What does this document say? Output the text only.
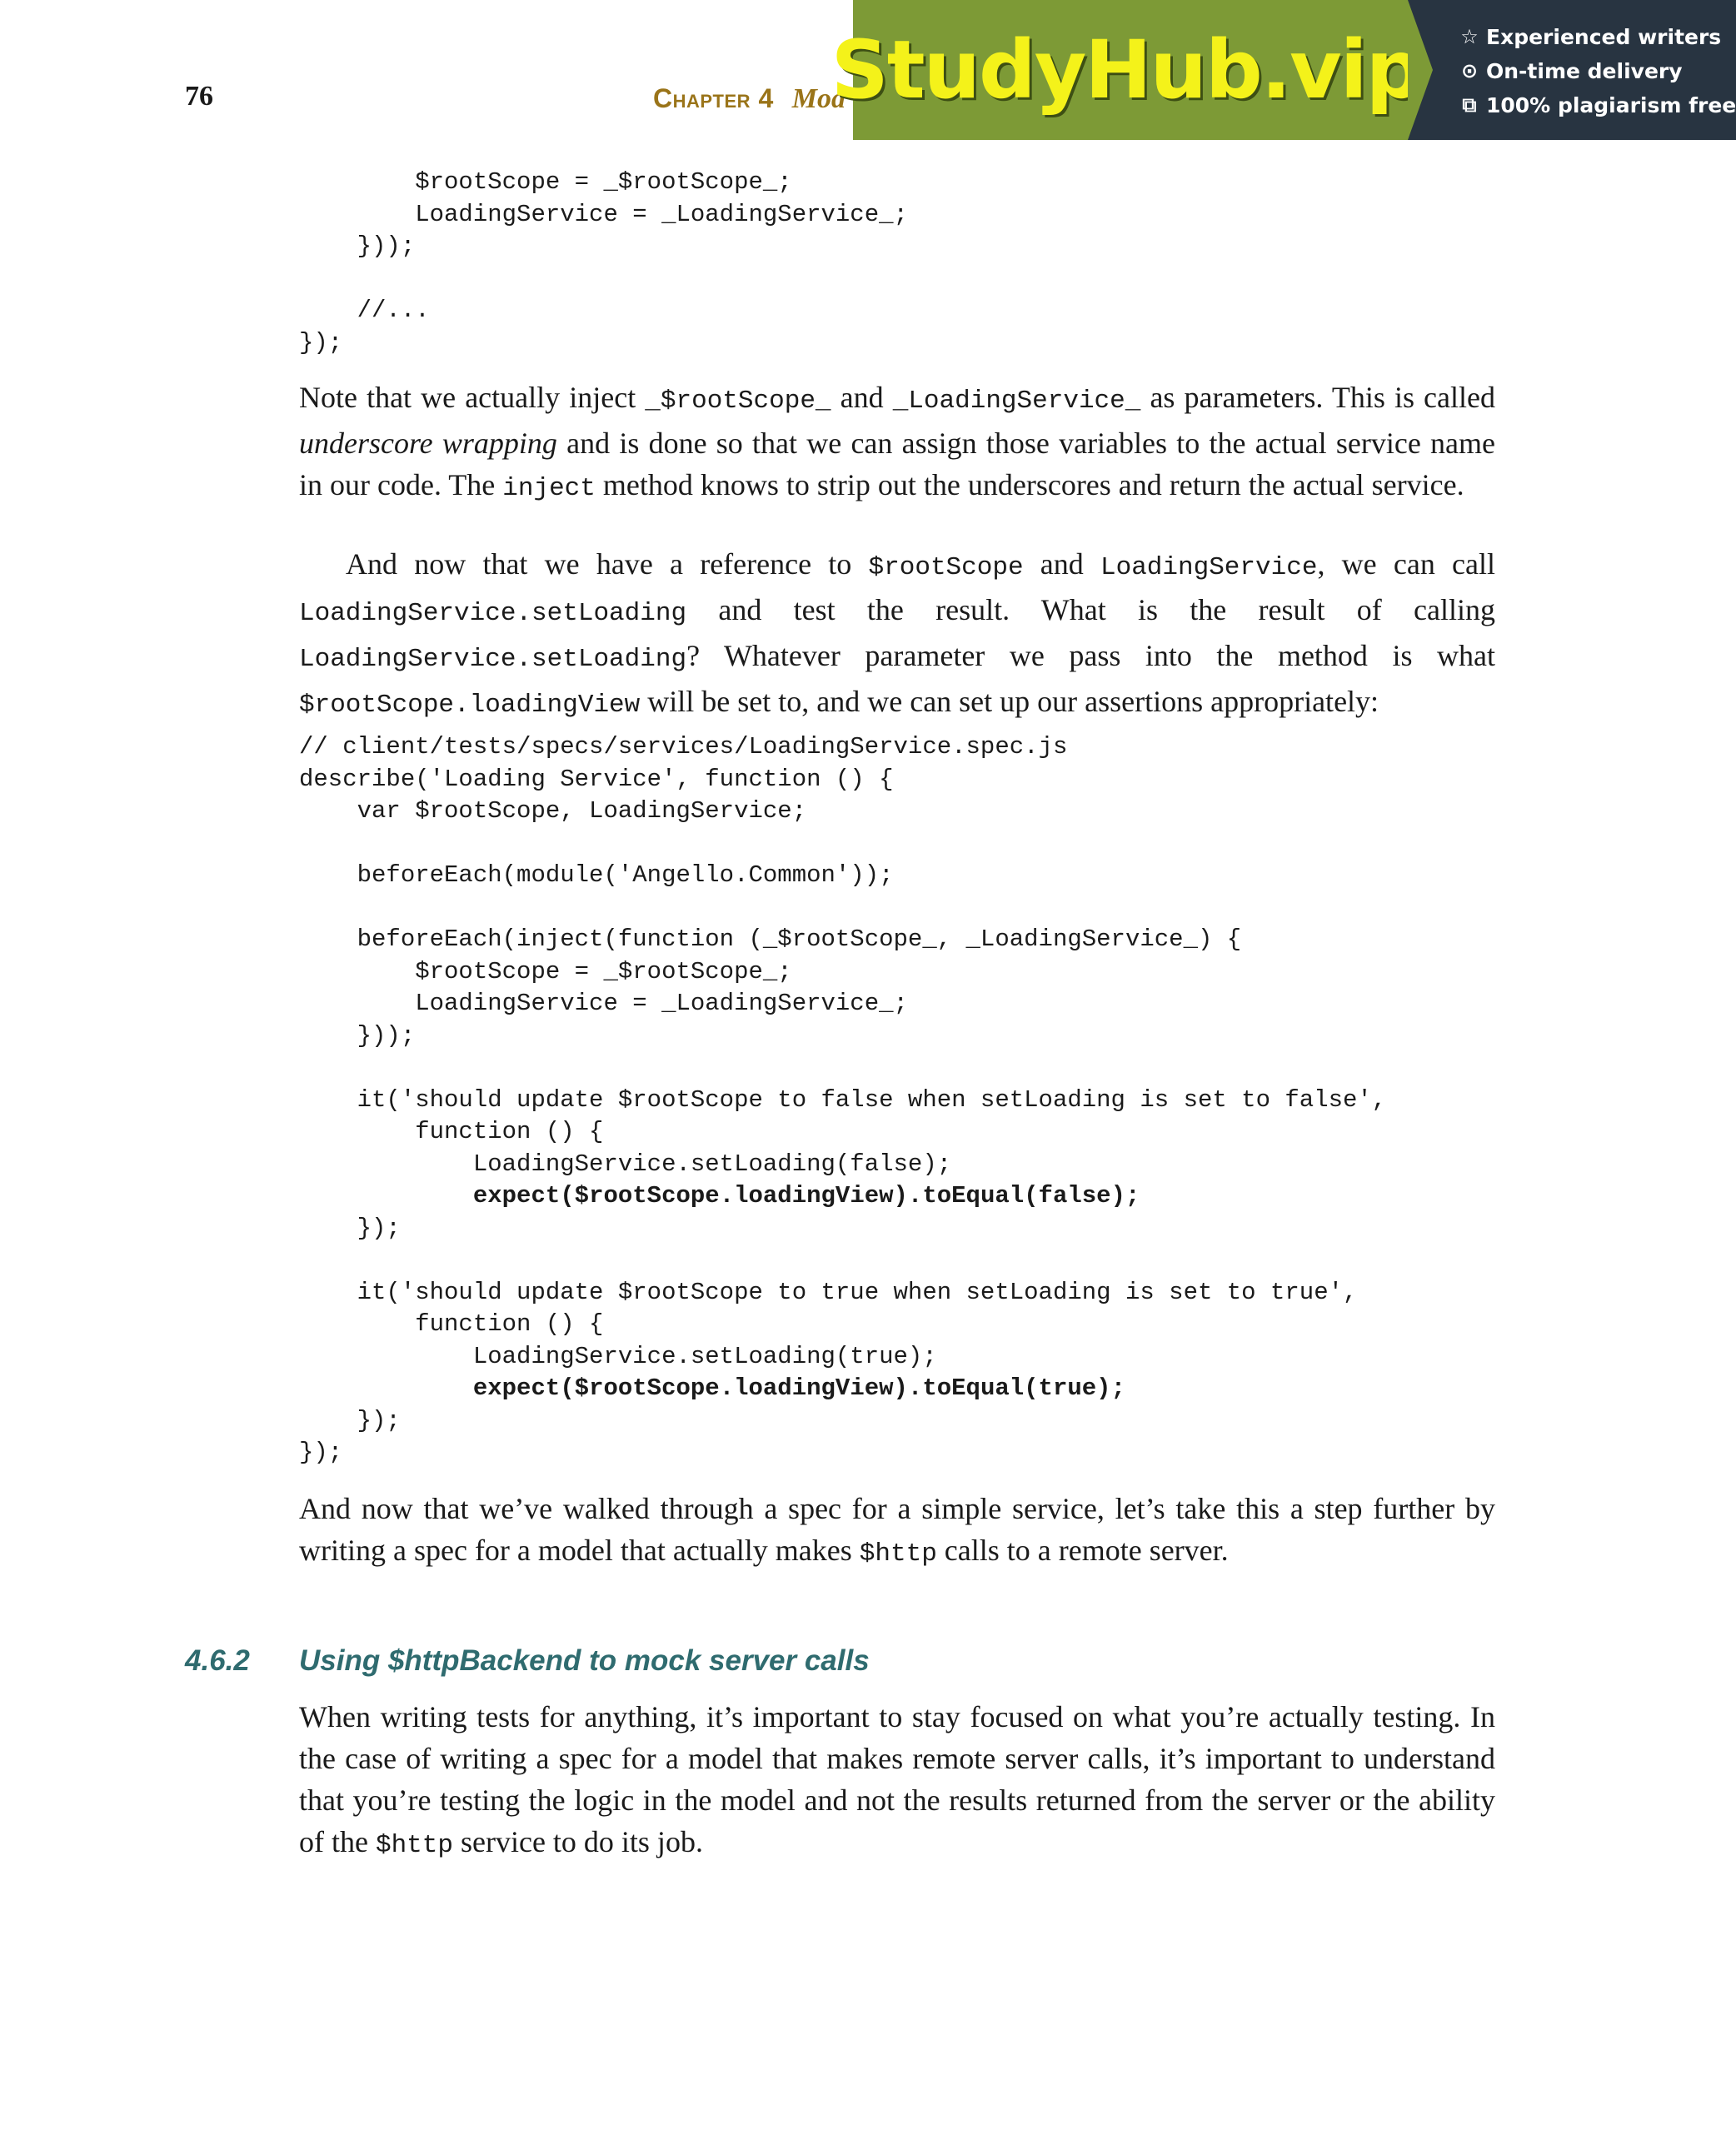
76	Chapter 4 Mod
StudyHub.vip ☆ Experienced writers
⊙ On-time delivery
⧉ 100% plagiarism free
$rootScope = _$rootScope_;
LoadingService = _LoadingService_;
}));

//...
});

Note that we actually inject _$rootScope_ and _LoadingService_ as parameters. This is called underscore wrapping and is done so that we can assign those variables to the actual service name in our code. The inject method knows to strip out the underscores and return the actual service.

And now that we have a reference to $rootScope and LoadingService, we can call LoadingService.setLoading and test the result. What is the result of calling LoadingService.setLoading? Whatever parameter we pass into the method is what $rootScope.loadingView will be set to, and we can set up our assertions appropriately:

// client/tests/specs/services/LoadingService.spec.js
describe('Loading Service', function () {
var $rootScope, LoadingService;

beforeEach(module('Angello.Common'));

beforeEach(inject(function (_$rootScope_, _LoadingService_) {
$rootScope = _$rootScope_;
LoadingService = _LoadingService_;
}));

it('should update $rootScope to false when setLoading is set to false',
function () {
LoadingService.setLoading(false);
expect($rootScope.loadingView).toEqual(false);
});

it('should update $rootScope to true when setLoading is set to true',
function () {
LoadingService.setLoading(true);
expect($rootScope.loadingView).toEqual(true);
});
});

And now that we’ve walked through a spec for a simple service, let’s take this a step further by writing a spec for a model that actually makes $http calls to a remote server.

4.6.2 Using $httpBackend to mock server calls

When writing tests for anything, it’s important to stay focused on what you’re actually testing. In the case of writing a spec for a model that makes remote server calls, it’s important to understand that you’re testing the logic in the model and not the results returned from the server or the ability of the $http service to do its job.
